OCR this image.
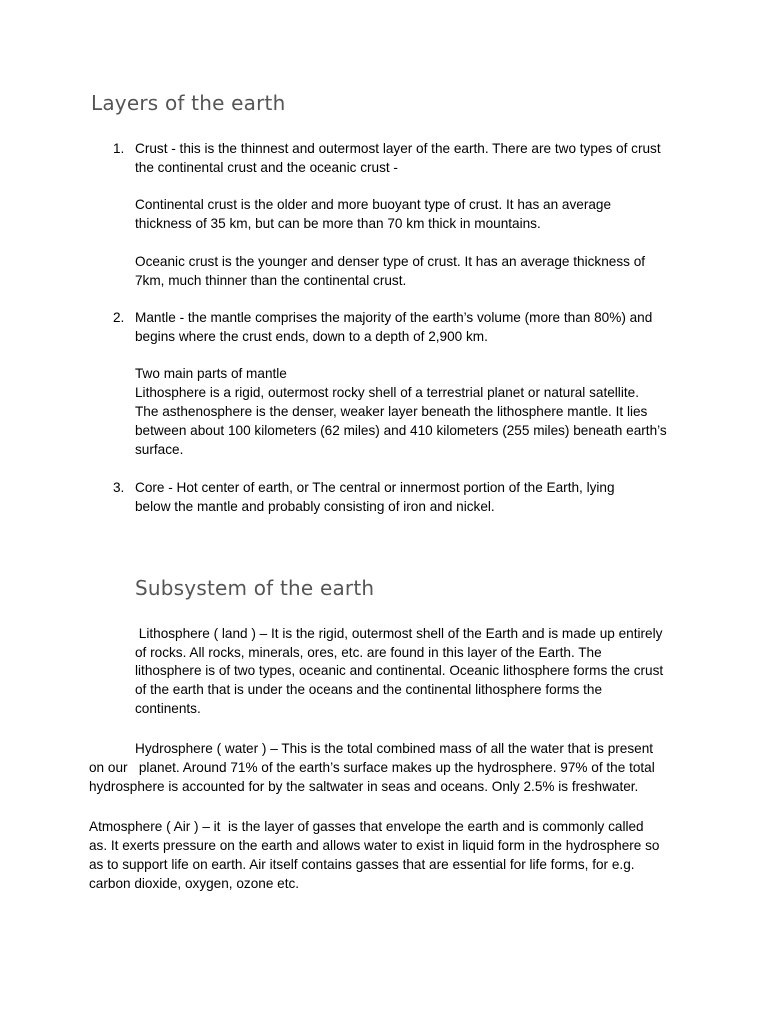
Layers of the earth
1. Crust - this is the thinnest and outermost layer of the earth. There are two types of crust

the continental crust and the oceanic crust -

Continental crust is the older and more buoyant type of crust. It has an average

thickness of 35 km, but can be more than 70 km thick in mountains.

Oceanic crust is the younger and denser type of crust. It has an average thickness of

7km, much thinner than the continental crust.

2. Mantle - the mantle comprises the majority of the earth’s volume (more than 80%) and

begins where the crust ends, down to a depth of 2,900 km.

Two main parts of mantle

Lithosphere is a rigid, outermost rocky shell of a terrestrial planet or natural satellite.

The asthenosphere is the denser, weaker layer beneath the lithosphere mantle. It lies

between about 100 kilometers (62 miles) and 410 kilometers (255 miles) beneath earth’s

surface.

3. Core - Hot center of earth, or The central or innermost portion of the Earth, lying

below the mantle and probably consisting of iron and nickel.

Subsystem of the earth

Lithosphere ( land ) – It is the rigid, outermost shell of the Earth and is made up entirely

of rocks. All rocks, minerals, ores, etc. are found in this layer of the Earth. The

lithosphere is of two types, oceanic and continental. Oceanic lithosphere forms the crust

of the earth that is under the oceans and the continental lithosphere forms the

continents.

Hydrosphere ( water ) – This is the total combined mass of all the water that is present

on our   planet. Around 71% of the earth’s surface makes up the hydrosphere. 97% of the total

hydrosphere is accounted for by the saltwater in seas and oceans. Only 2.5% is freshwater.

Atmosphere ( Air ) – it  is the layer of gasses that envelope the earth and is commonly called

as. It exerts pressure on the earth and allows water to exist in liquid form in the hydrosphere so

as to support life on earth. Air itself contains gasses that are essential for life forms, for e.g.

carbon dioxide, oxygen, ozone etc.
